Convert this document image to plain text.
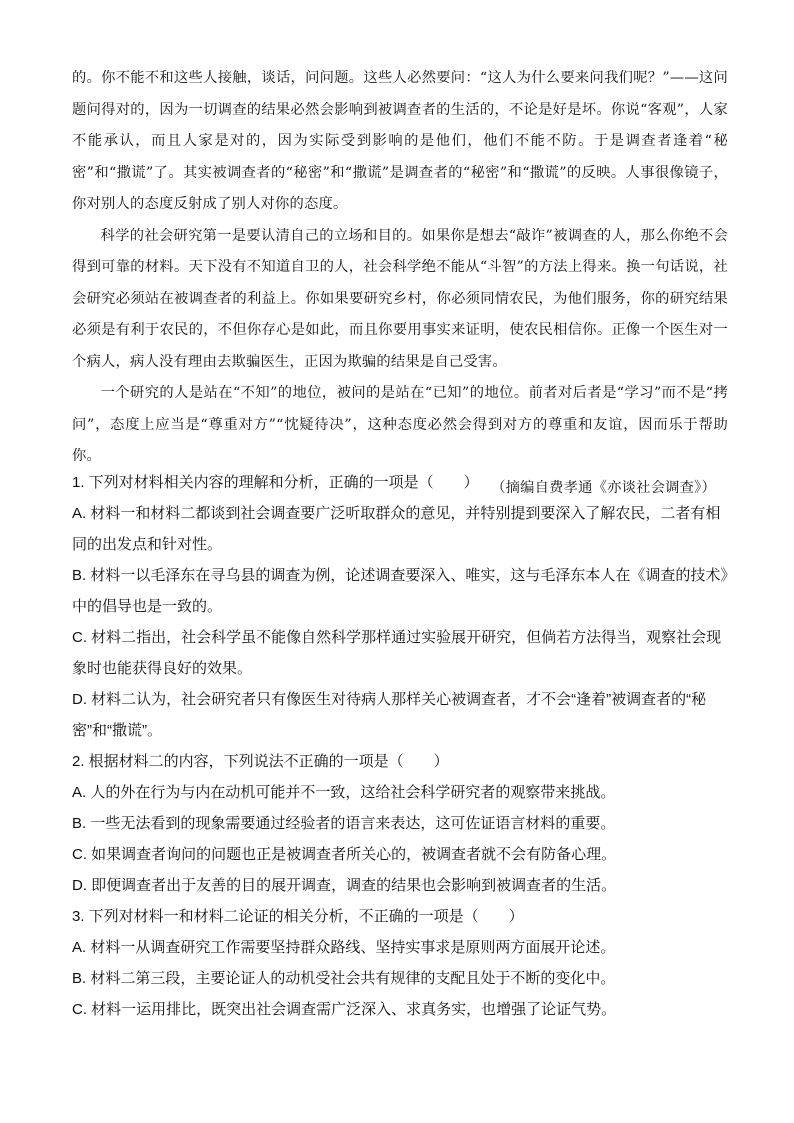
的。你不能不和这些人接触，谈话，问问题。这些人必然要问：“这人为什么要来问我们呢？”——这问题问得对的，因为一切调查的结果必然会影响到被调查者的生活的，不论是好是坏。你说“客观”，人家不能承认，而且人家是对的，因为实际受到影响的是他们，他们不能不防。于是调查者逢着“秘密”和“撒谎”了。其实被调查者的“秘密”和“撒谎”是调查者的“秘密”和“撒谎”的反映。人事很像镜子，你对别人的态度反射成了别人对你的态度。

科学的社会研究第一是要认清自己的立场和目的。如果你是想去“敲诈”被调查的人，那么你绝不会得到可靠的材料。天下没有不知道自卫的人，社会科学绝不能从“斗智”的方法上得来。换一句话说，社会研究必须站在被调查者的利益上。你如果要研究乡村，你必须同情农民，为他们服务，你的研究结果必须是有利于农民的，不但你存心是如此，而且你要用事实来证明，使农民相信你。正像一个医生对一个病人，病人没有理由去欺骗医生，正因为欺骗的结果是自己受害。

一个研究的人是站在“不知”的地位，被问的是站在“已知”的地位。前者对后者是“学习”而不是“拷问”，态度上应当是“尊重对方”“忱疑待决”，这种态度必然会得到对方的尊重和友谊，因而乐于帮助你。

（摘编自费孝通《亦谈社会调查》）

1. 下列对材料相关内容的理解和分析，正确的一项是（　　）

A. 材料一和材料二都谈到社会调查要广泛听取群众的意见，并特别提到要深入了解农民，二者有相同的出发点和针对性。

B. 材料一以毛泽东在寻乌县的调查为例，论述调查要深入、唯实，这与毛泽东本人在《调查的技术》中的倡导也是一致的。

C. 材料二指出，社会科学虽不能像自然科学那样通过实验展开研究，但倘若方法得当，观察社会现象时也能获得良好的效果。

D. 材料二认为，社会研究者只有像医生对待病人那样关心被调查者，才不会“逢着”被调查者的“秘密”和“撒谎”。

2. 根据材料二的内容，下列说法不正确的一项是（　　）

A. 人的外在行为与内在动机可能并不一致，这给社会科学研究者的观察带来挑战。

B. 一些无法看到的现象需要通过经验者的语言来表达，这可佐证语言材料的重要。

C. 如果调查者询问的问题也正是被调查者所关心的，被调查者就不会有防备心理。

D. 即便调查者出于友善的目的展开调查，调查的结果也会影响到被调查者的生活。

3. 下列对材料一和材料二论证的相关分析，不正确的一项是（　　）

A. 材料一从调查研究工作需要坚持群众路线、坚持实事求是原则两方面展开论述。

B. 材料二第三段，主要论证人的动机受社会共有规律的支配且处于不断的变化中。

C. 材料一运用排比，既突出社会调查需广泛深入、求真务实，也增强了论证气势。
